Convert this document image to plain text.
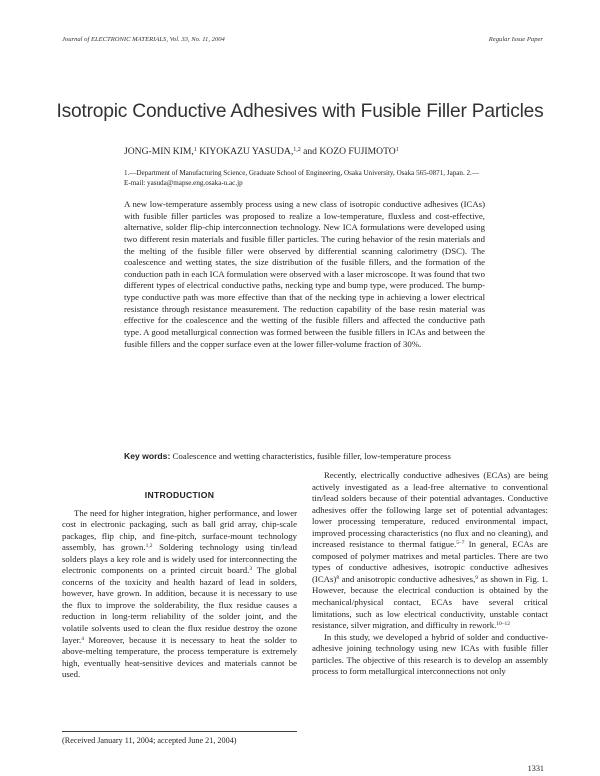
Journal of ELECTRONIC MATERIALS, Vol. 33, No. 11, 2004	Regular Issue Paper
Isotropic Conductive Adhesives with Fusible Filler Particles
JONG-MIN KIM,$^1$ KIYOKAZU YASUDA,$^{1,2}$ and KOZO FUJIMOTO$^1$
1.—Department of Manufacturing Science, Graduate School of Engineering, Osaka University, Osaka 565-0871, Japan. 2.—E-mail: yasuda@mapse.eng.osaka-u.ac.jp

A new low-temperature assembly process using a new class of isotropic conductive adhesives (ICAs) with fusible filler particles was proposed to realize a low-temperature, fluxless and cost-effective, alternative, solder flip-chip interconnection technology. New ICA formulations were developed using two different resin materials and fusible filler particles. The curing behavior of the resin materials and the melting of the fusible filler were observed by differential scanning calorimetry (DSC). The coalescence and wetting states, the size distribution of the fusible fillers, and the formation of the conduction path in each ICA formulation were observed with a laser microscope. It was found that two different types of electrical conductive paths, necking type and bump type, were produced. The bump-type conductive path was more effective than that of the necking type in achieving a lower electrical resistance through resistance measurement. The reduction capability of the base resin material was effective for the coalescence and the wetting of the fusible fillers and affected the conductive path type. A good metallurgical connection was formed between the fusible fillers in ICAs and between the fusible fillers and the copper surface even at the lower filler-volume fraction of 30%.

Key words: Coalescence and wetting characteristics, fusible filler, low-temperature process
INTRODUCTION

The need for higher integration, higher performance, and lower cost in electronic packaging, such as ball grid array, chip-scale packages, flip chip, and fine-pitch, surface-mount technology assembly, has grown.$^{1,2}$ Soldering technology using tin/lead solders plays a key role and is widely used for interconnecting the electronic components on a printed circuit board.$^3$ The global concerns of the toxicity and health hazard of lead in solders, however, have grown. In addition, because it is necessary to use the flux to improve the solderability, the flux residue causes a reduction in long-term reliability of the solder joint, and the volatile solvents used to clean the flux residue destroy the ozone layer.$^4$ Moreover, because it is necessary to heat the solder to above-melting temperature, the process temperature is extremely high, eventually heat-sensitive devices and materials cannot be used.

Recently, electrically conductive adhesives (ECAs) are being actively investigated as a lead-free alternative to conventional tin/lead solders because of their potential advantages. Conductive adhesives offer the following large set of potential advantages: lower processing temperature, reduced environmental impact, improved processing characteristics (no flux and no cleaning), and increased resistance to thermal fatigue.$^{5-7}$ In general, ECAs are composed of polymer matrixes and metal particles. There are two types of conductive adhesives, isotropic conductive adhesives (ICAs)$^8$ and anisotropic conductive adhesives,$^9$ as shown in Fig. 1. However, because the electrical conduction is obtained by the mechanical/physical contact, ECAs have several critical limitations, such as low electrical conductivity, unstable contact resistance, silver migration, and difficulty in rework.$^{10-12}$

In this study, we developed a hybrid of solder and conductive-adhesive joining technology using new ICAs with fusible filler particles. The objective of this research is to develop an assembly process to form metallurgical interconnections not only

(Received January 11, 2004; accepted June 21, 2004)
1331
